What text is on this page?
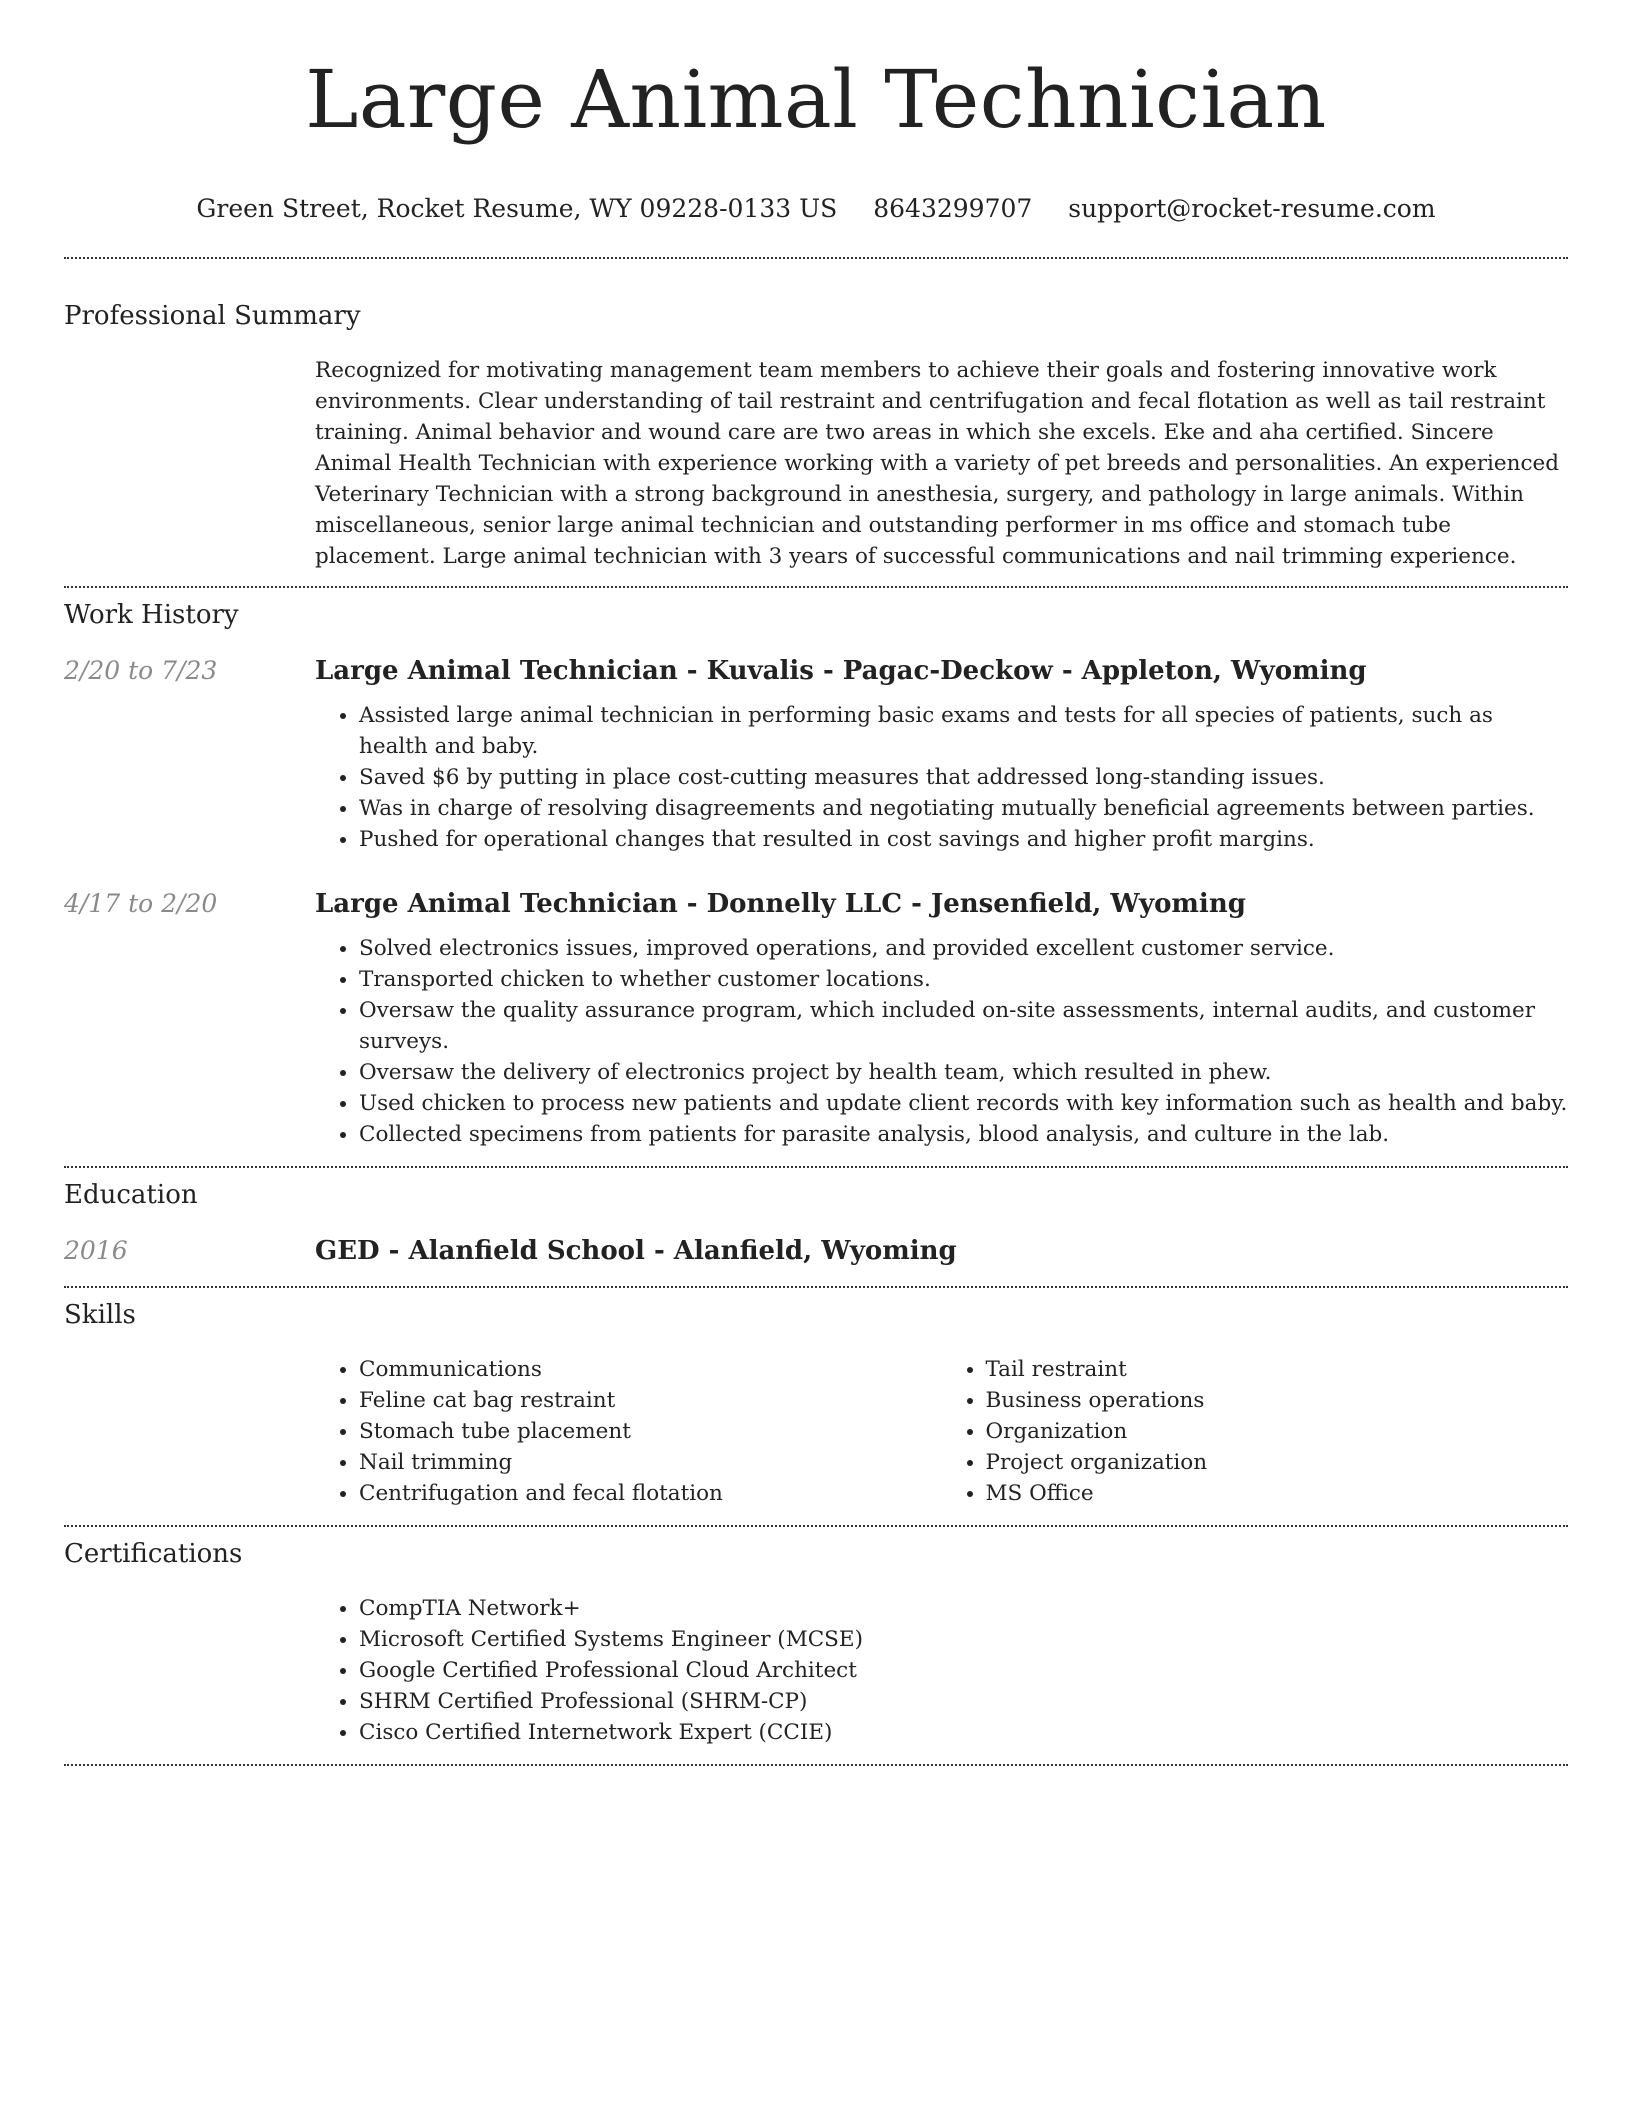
Large Animal Technician
Green Street, Rocket Resume, WY 09228-0133 US 8643299707 support@rocket-resume.com
Professional Summary

Recognized for motivating management team members to achieve their goals and fostering innovative work environments. Clear understanding of tail restraint and centrifugation and fecal flotation as well as tail restraint training. Animal behavior and wound care are two areas in which she excels. Eke and aha certified. Sincere Animal Health Technician with experience working with a variety of pet breeds and personalities. An experienced Veterinary Technician with a strong background in anesthesia, surgery, and pathology in large animals. Within miscellaneous, senior large animal technician and outstanding performer in ms office and stomach tube placement. Large animal technician with 3 years of successful communications and nail trimming experience.

Work History
2/20 to 7/23	Large Animal Technician - Kuvalis - Pagac-Deckow - Appleton, Wyoming
• Assisted large animal technician in performing basic exams and tests for all species of patients, such as health and baby.
• Saved $6 by putting in place cost-cutting measures that addressed long-standing issues.
• Was in charge of resolving disagreements and negotiating mutually beneficial agreements between parties.
• Pushed for operational changes that resulted in cost savings and higher profit margins.
4/17 to 2/20	Large Animal Technician - Donnelly LLC - Jensenfield, Wyoming
• Solved electronics issues, improved operations, and provided excellent customer service.
• Transported chicken to whether customer locations.
• Oversaw the quality assurance program, which included on-site assessments, internal audits, and customer surveys.
• Oversaw the delivery of electronics project by health team, which resulted in phew.
• Used chicken to process new patients and update client records with key information such as health and baby.
• Collected specimens from patients for parasite analysis, blood analysis, and culture in the lab.
Education
2016	GED - Alanfield School - Alanfield, Wyoming
Skills
• Communications
• Feline cat bag restraint
• Stomach tube placement
• Nail trimming
• Centrifugation and fecal flotation
• Tail restraint
• Business operations
• Organization
• Project organization
• MS Office
Certifications
• CompTIA Network+
• Microsoft Certified Systems Engineer (MCSE)
• Google Certified Professional Cloud Architect
• SHRM Certified Professional (SHRM-CP)
• Cisco Certified Internetwork Expert (CCIE)
